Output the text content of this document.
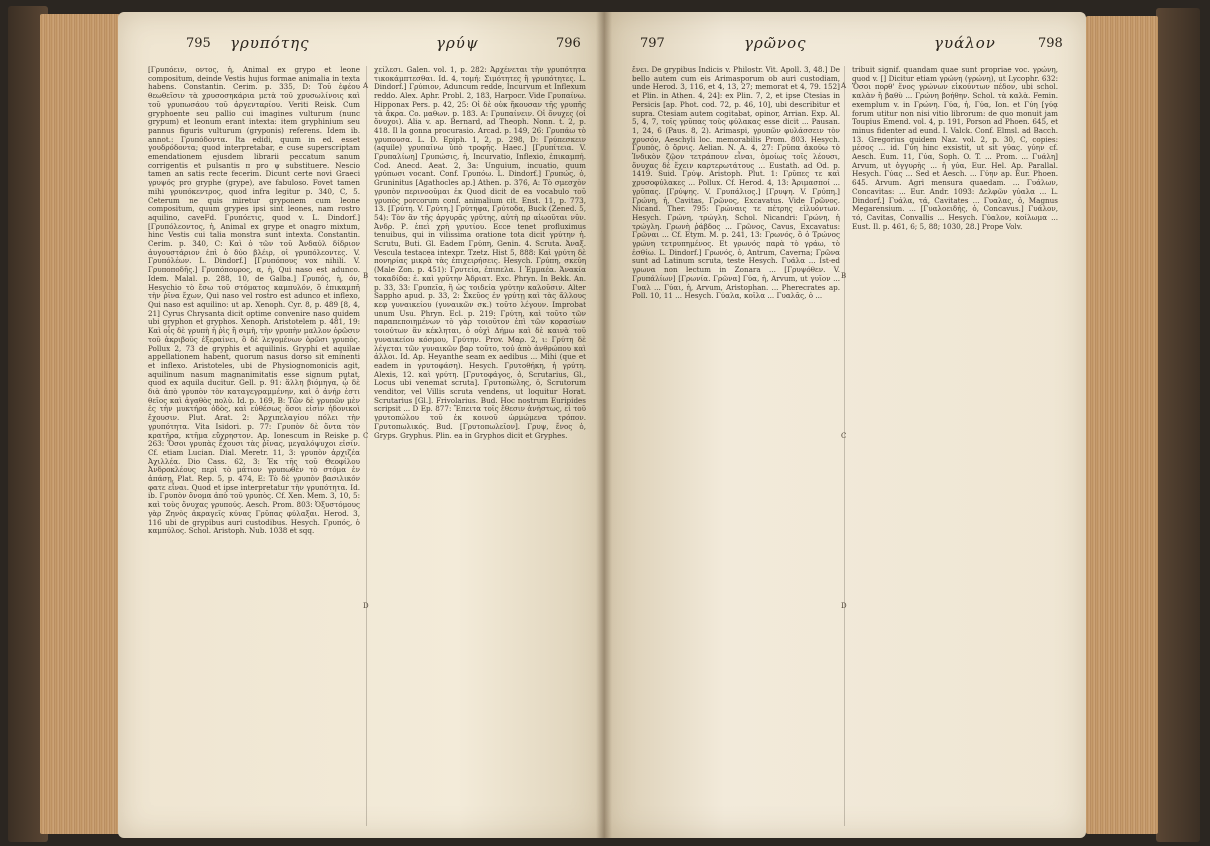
795 γρυπότης	γρύψ	796

[Γρυπόειν, οντος, ἡ, Animal ex grypo et leone compositum, deinde Vestis hujus formae animalia in texta habens. Constantin. Cerim. p. 335, D: Τοῦ ἐφέου θεωθεῖσιν τὰ χρυσοσηκάρια μετὰ τοῦ χρυσωλίνοις καὶ τοῦ γρυπωσάου τοῦ ἀργενταρίου. Veriti Reisk. Cum gryphoente seu pallio cui imagines vulturum (nunc grypum) et leonum erant intexta: item gryphinium seu pannus figuris vulturum (gryponis) referens. Idem ib. annot.: Γρυπόδοντα. Ita edidi, quum in ed. esset γουδρόδοντα; quod interpretabar, e cuse superscriptam emendationem ejusdem librarii peccatum sanum corrigentis et pulsantis π pro ψ substituere. Nescio tamen an satis recte fecerim. Dicunt certe novi Graeci γρυψός pro gryphe (grype), ave fabuloso. Fovet tamen mihi γρυπόκεντρος, quod infra legitur p. 340, C, 5. Ceterum ne quis miretur gryponem cum leone compositum, quum grypes ipsi sint leones, nam rostro aquilino, caveFd. Γρυπόετις, quod v. L. Dindorf.] [Γρυπόλεοντος, ἡ, Animal ex grype et onagro mixtum, hinc Vestis cui talia monstra sunt intexta. Constantin. Cerim. p. 340, C: Καὶ ὁ τῶν τοῦ Ἀνδαύλ δίδριον ἀυγουστάριον ἐπὶ ὁ δύο βλέιρ, οἱ γρυπόλεοντες. V. Γρυπόλέων. L. Dindorf.] [Γρυπόπους vox nihili. V. Γρυποποδῆς.] Γρυπόπουρος, α, ἡ, Qui naso est adunco. Idem. Malal. p. 288, 10, de Galba.] Γρυπός, ὴ, όν, Hesychio τὸ ἔσω τοῦ στόματος καμπυλόν, ὃ ἐπικαμπῆ τὴν ῥῖνα ἔχων, Qui naso vel rostro est adunco et inflexo, Qui naso est aquilino: ut ap. Xenoph. Cyr. 8, p. 489 [8, 4, 21] Cyrus Chrysanta dicit optime convenire naso quidem ubi gryphon et gryphos. Xenoph. Aristotelem p. 481, 19: Καὶ οἷς δὲ γρυπὴ ἡ ῥὶς ἢ σιμὴ, τὴν γρυπὴν μαλλον ὁρῶσιν τοῦ ἀκριβοῦς ἐξεραίνει, ὃ δὲ λεγομένων ὁρῶσι γρυπὸς. Pollux 2, 73 de gryphis et aquilinis. Gryphi et aquilae appellationem habent, quorum nasus dorso sit eminenti et inflexo. Aristoteles, ubi de Physiognomonicis agit, aquilinum nasum magnanimitatis esse signum putat, quod ex aquila ducitur. Gell. p. 91: ἅλλη βιόμηγα, ᾧ δὲ διὰ ἀπὸ γρυπὸν τὸν καταγεγραμμένην, καὶ ὁ ἀνήρ ἐστι θεῖος καὶ ἀγαθὸς πολὺ. Id. p. 169, Β: Τῶν δὲ γρυπῶν μὲν ἐς τὴν μυκτήρα ὁδὸς, καὶ εὐθέσως ὅσοι εἰσὶν ἡδονικοὶ ἔχουσιν. Plut. Arat. 2: Ἀρχιπελαγίου πόλει τὴν γρυπότητα. Vita Isidori. p. 77: Γρυπὸν δὲ ὄντα τὸν κρατῆρα, κτῆμα εὔχρηστον. Ap. Ionescum in Reiske p. 263: Ὅσοι γρυπὰς ἔχουσι τὰς ῥῖνας, μεγαλόψυχοι εἰσίν. Cf. etiam Lucian. Dial. Meretr. 11, 3: γρυπὸν ἀρχιζέα Ἀχιλλέα. Dio Cass. 62, 3: Ἐκ τῆς τοῦ Θεοφίλου Ἀνδροκλέους περὶ τὸ μάτιον γρυπωθὲν τὸ στόμα ἐν ἀπάσῃ, Plat. Rep. 5, p. 474, E: Τὸ δὲ γρυπὸν βασιλικόν φατε εἶναι. Quod et ipse interpretatur τὴν γρυπότητα. Id. ib. Γρυπὸν ὄνομα ἀπὸ τοῦ γρυπὸς. Cf. Xen. Mem. 3, 10, 5: καὶ τοὺς ὄνυχας γρυπούς. Aesch. Prom. 803: Ὀξυστόμους γὰρ Ζηνὸς ἀκραγεῖς κύνας Γρῦπας φύλαξαι. Herod. 3, 116 ubi de grypibus auri custodibus. Hesych. Γρυπός, ὁ καμπύλος. Schol. Aristoph. Nub. 1038 et sqq.

χείλεσι. Galen. vol. 1, p. 282: Ἀρχένεται τὴν γρυπότητα τικοκάμπτεσθαι. Id. 4, τομή: Σιμότητες ἢ γρυπότητες. L. Dindorf.] Γρύπιον, Aduncum redde, Incurvum et Inflexum reddo. Alex. Aphr. Probl. 2, 183, Harpocr. Vide Γρυπαίνω. Hipponax Pers. p. 42, 25: Οἰ δὲ οὐκ ἤκουσαν τῆς γρυπῆς τὰ ἄκρα. Co. μαθων. p. 183. A: Γρυπαίνειν. Οἱ ὄνυχες (οἱ ὄνυχοι). Alia v. ap. Bernard, ad Theoph. Nonn. t. 2, p. 418. Il la gonna procurasio. Arcad. p. 149, 26: Γρυπάω τὸ γρυπουσα. L. D. Epiph. 1, 2, p. 298, D: Γρύπεσκειν (aquile) γρυπαίνω ὑπὸ τροφῆς. Haec.] [Γρυπίτεια. V. Γρυπαλίωη] Γρυπώσις, ἡ, Incurvatio, Inflexio, ἐπικαμπή. Cod. Anecd. Aeat. 2, 3a: Unguium, incuatio, quum γρύπωσι vocant. Conf. Γρυπόω. L. Dindorf.] Γρυπώς, ὁ, Gruninitus [Agathocles ap.] Athen. p. 376, A: Τὸ σμεσχὸν γρυπὸν περινοοῦμαι ἐκ Quod dicit de ea vocabulo τοῦ γρυπὸς porcorum conf. animalium cit. Enst. 11, p. 773, 13. [Γρύτη. V. Γρύτη.] Γρύτηφα, Γρύτοδα, Buck (Zened. 5, 54): Τὸν ἂν τῆς ἀργυρᾶς γρῦτης, αὐτὴ πρ αἰωοῦται νῦν. Ἀνδρ. Ρ. ἐπεὶ χρὴ γρυτίου. Ecce tenet profluximus tenuibus, qui in vilissima oratione tota dicit γρύτην ἡ. Scrutu, Buti. Gl. Eadem Γρύπη, Genin. 4. Scruta. Ἀναξ. Vescula testacea intexpr. Tzetz. Hist 5, 888: Καὶ γρύτη δὲ πονηρίας μικρὰ τὰς ἐπιχειρήσεις. Hesych. Γρύπη, σκεῦη (Male Zon. p. 451): Γρυτεία, ἐπιπελα. Ι Ἐμμαέα. Ἀνακία τοκαδίδα: ἑ. καὶ γρῦτην Ἀδριατ. Exc. Phryn. In Bekk. An. p. 33, 33: Γρυπεῖα, ἢ ὡς τοιδεία γρύτην καλοῦσιν. Alter Sappho apud. p. 33, 2: Σκεῦος ἐν γρύτῃ καὶ τὰς ἄλλους κεφ γυναικείου (γυναικῶν σκ.) τοῦτο λέγουν. Improbat unum Usu. Phryn. Ecl. p. 219: Γρύτη, καὶ τοῦτο τῶν παραπεποιημένων τὸ γὰρ τοιοῦτον ἐπὶ τῶν κορασίων τοιούτων ἂν κέκληται, ὁ οὐχὶ Δήμω καὶ δὲ καινὰ τοῦ γυναικείου κόσμου, Γρύτην. Prov. Μαρ. 2, ι: Γρύτη δὲ λέγεται τῶν γυναικῶν βαρ τοῦτο, τοὐ ἀπὸ ἀνθρώπου καὶ ἀλλοι. Id. Ap. Heyanthe seam ex aedibus ... Mihi (que et eadem in γρυτοφάση). Hesych. Γρυτοθήκη, ἡ γρύτη. Alexis, 12. καὶ γρύτη. [Γρυτοφάγος, ὁ, Scrutarius, Gl., Locus ubi venemat scruta]. Γρυτοπώλης, ὁ, Scrutorum venditor, vel Villis scruta vendens, ut loquitur Horat. Scrutarius [Gl.]. Frivolarius. Bud. Hoc nostrum Euripides scripsit ... D Ep. 877: Ἔπειτα τοῖς ἔθεσιν ἀνήστως, εἰ τοῦ γρυτοπώλου τοῦ ἐκ κοινοῦ ὡρμώμενα τρόπον. Γρυτοπωλικός. Bud. [Γρυτοπωλεῖον]. Γρυψ, ἔνος ὁ, Gryps. Gryphus. Plin. ea in Gryphos dicit et Gryphes.

A
B
C
D
797	γρῶνος	γυάλον	798

ἔνει. De grypibus Indicis v. Philostr. Vit. Apoll. 3, 48.] De bello autem cum eis Arimasporum ob auri custodiam, unde Herod. 3, 116, et 4, 13, 27; memorat et 4, 79. 152] et Plin. in Athen. 4, 24]: ex Plin. 7, 2, et ipse Ctesias in Persicis [ap. Phot. cod. 72, p. 46, 10], ubi describitur et supra. Ctesiam autem cogitabat, opinor, Arrian. Exp. Al. 5, 4, 7, τοῖς γρῦπας τοὺς φύλακας esse dicit ... Pausan. 1, 24, 6 (Paus. 8, 2). Arimaspi, γρυπῶν φυλάσσειν τὸν χρυσόν, Aeschyli loc. memorabilis Prom. 803. Hesych. Γρυπὸς, ὁ ὄρνις. Aelian. N. A. 4, 27: Γρῦπα ἀκούω τὸ Ἰνδικὸν ζῷον τετράπουν εἶναι, ὁμοίως τοῖς λέουσι, ὄνυχας δὲ ἔχειν καρτερωτάτους ... Eustath. ad Od. p. 1419. Suid. Γρύψ. Aristoph. Plut. 1: Γρῦπες τε καὶ χρυσοφύλακες ... Pollux. Cf. Herod. 4, 13: Ἀριμασποί ... γρῦπας. [Γρύψης. V. Γρυπάλιος.] [Γρυψη. V. Γρύπη.] Γρώνη, ἡ, Cavitas, Γρῶνος, Excavatus. Vide Γρῶνος. Nicand. Ther. 795: Γρώναις τε πέτρης εἰλυόντων. Hesych. Γρώνη, τρώγλη. Schol. Nicandri: Γρώνη, ἡ τρώγλη. Γρωνὴ ῥάβδος ... Γρῶνος, Cavus, Excavatus: Γρῶναι ... Cf. Etym. M. p. 241, 13: Γρωνός, ὃ ὁ Τρώνος γρώνη τετρυπημένος. Et γρωνός παρὰ τὸ γράω, τὸ ἐσθίω. L. Dindorf.] Γρωνός, ὁ, Antrum, Caverna; Γρῶνα sunt ad Latinum scruta, teste Hesych. Γυάλα ... Ist-ed γρωνα non lectum in Zonara ... [Γρυψόθεν. V. Γρυπάλίων] [Γρωνία. Γρῶνα] Γύα, ἡ, Arvum, ut γυῖον ... Γυαλ ... Γύαι, ἡ, Arvum, Aristophan. ... Pherecrates ap. Poll. 10, 11 ... Hesych. Γύαλα, κοῖλα ... Γυαλᾶς, ὁ ...

tribuit signif. quandam quae sunt propriae voc. γρώνη, quod v. [] Dicitur etiam γρώνη (γρώνη), ut Lycophr. 632: Ὅσοι πορθ' ἕνος γρώνων εἰκούντων πέδον, ubi schol. καλὰν ἢ βαθὺ ... Γρώνη βοήθην. Schol. τὰ καλὰ. Femin. exemplum v. in Γρώνη. Γύα, ἡ, Γύα, Ion. et Γύη [γύᾳ forum utitur non nisi vitio librorum: de quo monuit jam Toupius Emend. vol. 4, p. 191, Porson ad Phoen. 645, et minus fidenter ad eund. I. Valck. Conf. Elmsl. ad Bacch. 13. Gregorius quidem Naz. vol. 2, p. 30, C, copies: μέσος ... id. Γύη hinc exsistit, ut sit γύας. γύην cf. Aesch. Eum. 11, Γύα, Soph. O. T. ... Prom. ... Γυάλη] Arvum, ut ὀγγυρὴς ... ἡ γύα, Eur. Hel. Ap. Parallal. Hesych. Γύας ... Sed et Aesch. ... Γύην ap. Eur. Phoen. 645. Arvum. Agri mensura quaedam. ... Γυάλων, Concavitas: ... Eur. Andr. 1093: Δελφῶν γύαλα ... L. Dindorf.] Γυάλα, τά, Cavitates ... Γυαλας, ὁ, Magnus Megarensium. ... [Γυαλοειδής, ὁ, Concavus.] Γυάλον, τό, Cavitas, Convallis ... Hesych. Γύαλον, κοίλωμα ... Eust. Il. p. 461, 6; 5, 88; 1030, 28.] Prope Volv.

A
B
C
D
